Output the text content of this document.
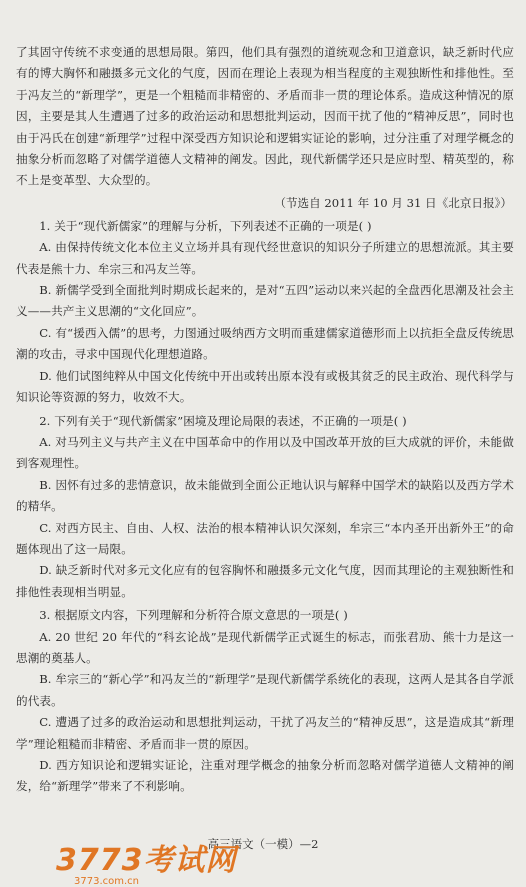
了其固守传统不求变通的思想局限。第四，他们具有强烈的道统观念和卫道意识，缺乏新时代应有的博大胸怀和融摄多元文化的气度，因而在理论上表现为相当程度的主观独断性和排他性。至于冯友兰的“新理学”，更是一个粗糙而非精密的、矛盾而非一贯的理论体系。造成这种情况的原因，主要是其人生遭遇了过多的政治运动和思想批判运动，因而干扰了他的“精神反思”，同时也由于冯氏在创建“新理学”过程中深受西方知识论和逻辑实证论的影响，过分注重了对理学概念的抽象分析而忽略了对儒学道德人文精神的阐发。因此，现代新儒学还只是应时型、精英型的，称不上是变革型、大众型的。

（节选自 2011 年 10 月 31 日《北京日报》）

1. 关于“现代新儒家”的理解与分析，下列表述不正确的一项是( )

A. 由保持传统文化本位主义立场并具有现代经世意识的知识分子所建立的思想流派。其主要代表是熊十力、牟宗三和冯友兰等。

B. 新儒学受到全面批判时期成长起来的，是对“五四”运动以来兴起的全盘西化思潮及社会主义——共产主义思潮的“文化回应”。

C. 有“援西入儒”的思考，力图通过吸纳西方文明而重建儒家道德形而上以抗拒全盘反传统思潮的攻击，寻求中国现代化理想道路。

D. 他们试图纯粹从中国文化传统中开出或转出原本没有或极其贫乏的民主政治、现代科学与知识论等资源的努力，收效不大。

2. 下列有关于“现代新儒家”困境及理论局限的表述，不正确的一项是( )

A. 对马列主义与共产主义在中国革命中的作用以及中国改革开放的巨大成就的评价，未能做到客观理性。

B. 因怀有过多的悲情意识，故未能做到全面公正地认识与解释中国学术的缺陷以及西方学术的精华。

C. 对西方民主、自由、人权、法治的根本精神认识欠深刻，牟宗三“本内圣开出新外王”的命题体现出了这一局限。

D. 缺乏新时代对多元文化应有的包容胸怀和融摄多元文化气度，因而其理论的主观独断性和排他性表现相当明显。

3. 根据原文内容，下列理解和分析符合原文意思的一项是( )

A. 20 世纪 20 年代的“科玄论战”是现代新儒学正式诞生的标志，而张君劢、熊十力是这一思潮的奠基人。

B. 牟宗三的“新心学”和冯友兰的“新理学”是现代新儒学系统化的表现，这两人是其各自学派的代表。

C. 遭遇了过多的政治运动和思想批判运动，干扰了冯友兰的“精神反思”，这是造成其“新理学”理论粗糙而非精密、矛盾而非一贯的原因。

D. 西方知识论和逻辑实证论，注重对理学概念的抽象分析而忽略对儒学道德人文精神的阐发，给“新理学”带来了不利影响。

高三语文（一模）—2
3773考试网
3773.com.cn
